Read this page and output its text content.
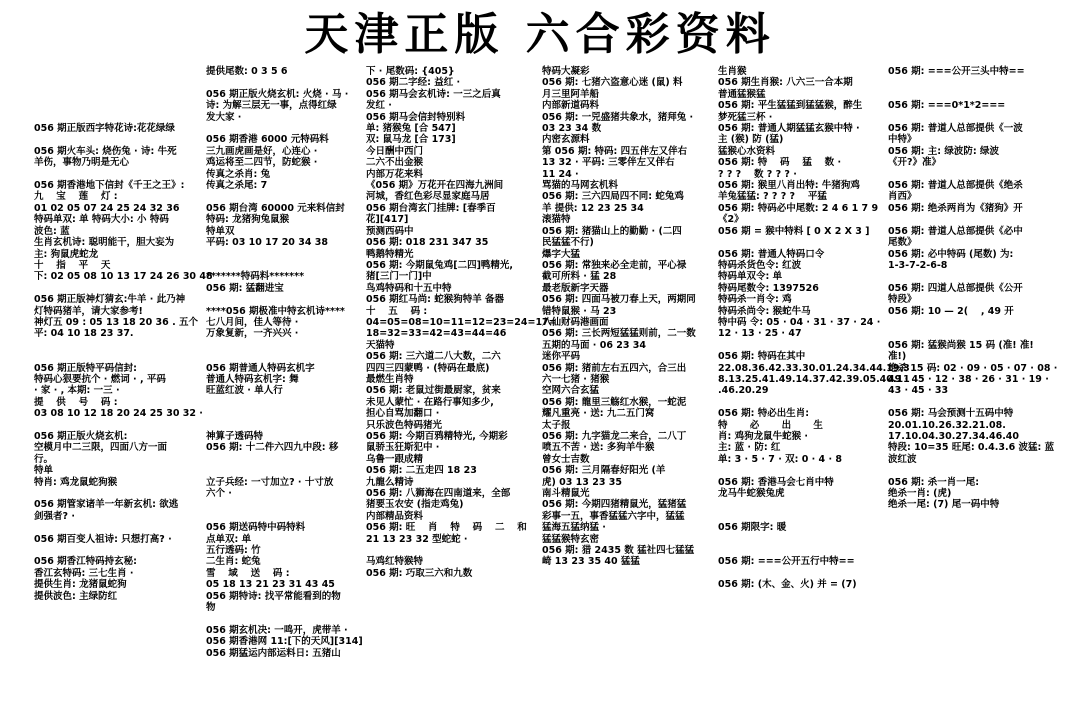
天津正版 六合彩资料

056 期正版西字特花诗:花花绿绿

056 期火车头: 烧伤兔 · 诗: 牛死
羊伤，事物乃明是无心

056 期香港地下信封《千王之王》:
九 　宝 　莲 　灯 :
01 02 05 07 24 25 24 32 36
特码单双: 单 特码大小: 小 特码
波色: 蓝
生肖玄机诗: 聪明能干，胆大妄为
主: 狗鼠虎蛇龙
十 　指 　平 　天
下: 02 05 08 10 13 17 24 26 30 48

056 期正版神灯猜玄:牛羊 · 此乃神
灯特码猪羊，请大家参考!
神灯五 09 : 05 13 18 20 36 . 五个
平: 04 10 18 23 37.

056 期正版特平码信封:
特码心狠要抗个 · 燃词 · , 平码
· 家 · , 本期: 一三 ·
提 　供 　号 　码 :
03 08 10 12 18 20 24 25 30 32 ·

056 期正版火烧玄机:
空模月中二三限，四面八方一面
行。
特单
特肖: 鸡龙鼠蛇狗猴

056 期管家诸羊一年新玄机: 欲逃
剑强者? ·

056 期百变人祖诗: 只想打高? ·

056 期香江特码持玄秘:
香江玄特码: 三七生肖 ·
提供生肖: 龙猪鼠蛇狗
提供波色: 主绿防红
提供尾数: 0 3 5 6

056 期正版火烧玄机: 火烧 · 马 ·
诗: 为解三层无一事，点得红绿
发大家 ·

056 期香港 6000 元特码料
三九画虎画是好，心连心 ·
鸡运将至二四节，防蛇猴 ·
传真之杀肖: 兔
传真之杀尾: 7

056 期台湾 60000 元来料信封
特码: 龙猪狗兔鼠猴
特单双
平码: 03 10 17 20 34 38

*******特码料*******
056 期: 猛翻进宝

****056 期极准中特玄机诗****
七八月间，佳人等待 ·
万象复新，一齐兴兴 ·

056 期普通人特码玄机字
普通人特码玄机字: 舞
旺蓝红波 · 单人行

神算子透码特
056 期: 十二件六四九中段: 移

立子兵经: 一寸加立? · 十寸放
六个 ·

056 期送码特中码特料
点单双: 单
五行透码: 竹
二生肖: 蛇兔
雪 　域 　送 　码 :
05 18 13 21 23 31 43 45
056 期特诗: 找平常能看到的物
物

056 期玄机决: 一鸣开，虎带羊 ·
056 期香港网 11:[下的天风][314]
056 期猛运内部运料日: 五猪山
下 · 尾数码: {405}
056 期二字经: 益红 ·
056 期马会玄机诗: 一三之后真
发红 ·
056 期马会信封特别料
单: 猪猴兔 [合 547]
双: 鼠马龙 [合 173]
今日酬中西门
二六不出金猴
内部万花来料
《056 期》万花开在四海九洲间
河城，香红色彩尽显家庭马居
056 期台湾玄门挂牌: [春季百
花][417]
预测西码中
056 期: 018 231 347 35
鸭鹅特精光
056 期: 今期鼠兔鸡[二四]鸭精光,
猪[三门一门]中
鸟鸡特码和十五中特
056 期红马尚: 蛇猴狗特羊 备器
十 　五 　码 :
04=05=08=10=11=12=23=24=17=
18=32=33=42=43=44=46
天猫特
056 期: 三六道二八大数，二六
四四三四蒙鸭 · (特码在最底)
最燃生肖特
056 期: 老鼠过街最厨家，贫来
未见人蒙忙 · 在路行事知多少,
担心自骂加翻口 ·
只乐波色特码猪光
056 期: 今期百鸦精特光, 今期彩
鼠骄玉狂斯犯中 ·
乌鲁一跟成精
056 期: 二五走四 18 23
九龍么精诗
056 期: 八狮海在四南道来，全部
猪要玉农安 (指走鸡兔)
内部精品资料
056 期: 旺 　肖 　特 　码 　二 　和
21 13 23 32 型蛇蛇 ·

马鸡红特猴特
056 期: 巧取三六和九数
特码大凝彩
056 期: 七猪六盗意心迷 (鼠) 料
月三里阿羊船
内部新道码料
056 期: 一兕盛猪共象水，猪拜兔 ·
03 23 34 数
内密玄源料
第 056 期: 特码: 四五伴左又伴右
13 32 · 平码: 三零伴左又伴右
11 24 ·
骂猫的马网玄机料
056 期: 三六四局四不同: 蛇兔鸡
羊 提供: 12 23 25 34
滚猫特
056 期: 猪猫山上的勤勤 · (二四
民猛猛不行)
爆字大猛
056 期: 常独来必全走前，平心禄
截可所料 · 猛 28
最老版新字天器
056 期: 四面马被刀春上天，两期同
错特鼠猴 · 马 23
八仙财码港画面
056 期: 三长两短猛猛则前，二一数
五期的马面 · 06 23 34
迷你平码
056 期: 猪前左右五四六，合三出
六一七猪 · 猪猴
空网六合玄猛
056 期: 龍里三觞红水猴，一蛇泥
耀凡重亮 · 送: 九二五门窝
太子报
056 期: 九字猫龙二来合，二八丁
喷五不苦 · 送: 多狗羊牛猴
曾女士吉数
056 期: 三月隔春好阳光 (羊
虎) 03 13 23 35
南斗精鼠光
056 期: 今期四猪精鼠光，猛猪猛
彩事一五，事香猛猛六字中，猛猛
猛海五猛纳猛 ·
猛猛猴特玄密
056 期: 猎 2435 数 猛社四七猛猛
崎 13 23 35 40 猛猛
生肖猴
056 期生肖猴: 八六三一合本期
普通猛猴猛
056 期: 平生猛猛到猛猛猴，醉生
梦死猛三杯 ·
056 期: 普通人期猛猛玄猴中特 ·
主 (猴) 防 (猛)
猛猴心水资料
056 期: 特 　码 　猛 　数 ·
? ? ? 　数 ? ? ? ·
056 期: 猴里八肖出特: 牛猪狗鸡
羊兔猛猛: ? ? ? ? 　平猛
056 期: 特码必中尾数: 2 4 6 1 7 9
《2》
056 期 = 猴中特料 [ 0 X 2 X 3 ]

056 期: 普通人特码口令
特码杀货色令: 红波
特码单双令: 单
特码尾数令: 1397526
特码杀一肖令: 鸡
特码杀尚令: 猴蛇牛马
特中码 令: 05 · 04 · 31 · 37 · 24 ·
12 · 13 · 25 · 47

056 期: 特码在其中
22.08.36.42.33.30.01.24.34.44.19.3
8.13.25.41.49.14.37.42.39.05.40.11
.46.20.29

056 期: 特必出生肖:
特 　　必 　　出 　　生
肖: 鸡狗龙鼠牛蛇猴 ·
主: 蓝 · 防: 红
单: 3 · 5 · 7 · 双: 0 · 4 · 8

056 期: 香港马会七肖中特
龙马牛蛇猴兔虎

056 期限字: 暖

056 期: ===公开五行中特==

056 期: (木、金、火) 并 = (7)
056 期: ===公开三头中特==

056 期: ===0*1*2===

056 期: 普道人总部提供《一波
中特》
056 期: 主: 绿波防: 绿波
《开?》准》

056 期: 普道人总部提供《绝杀
肖西》
056 期: 绝杀两肖为《猪狗》开

056 期: 普道人总部提供《必中
尾数》
056 期: 必中特码 (尾数) 为:
1-3-7-2-6-8

056 期: 四道人总部提供《公开
特段》
056 期: 10 — 2( 　, 49 开

056 期: 猛猴尚猴 15 码 (准! 准!
准!)
绝杀 15 码: 02 · 09 · 05 · 07 · 08 ·
49 · 45 · 12 · 38 · 26 · 31 · 19 ·
43 · 45 · 33

056 期: 马会预测十五码中特
20.01.10.26.32.21.08.
17.10.04.30.27.34.46.40
特段: 10=35 旺尾: 0.4.3.6 波猛: 蓝
波红波

056 期: 杀一肖一尾:
绝杀一肖: (虎)
绝杀一尾: (7) 尾一码中特
